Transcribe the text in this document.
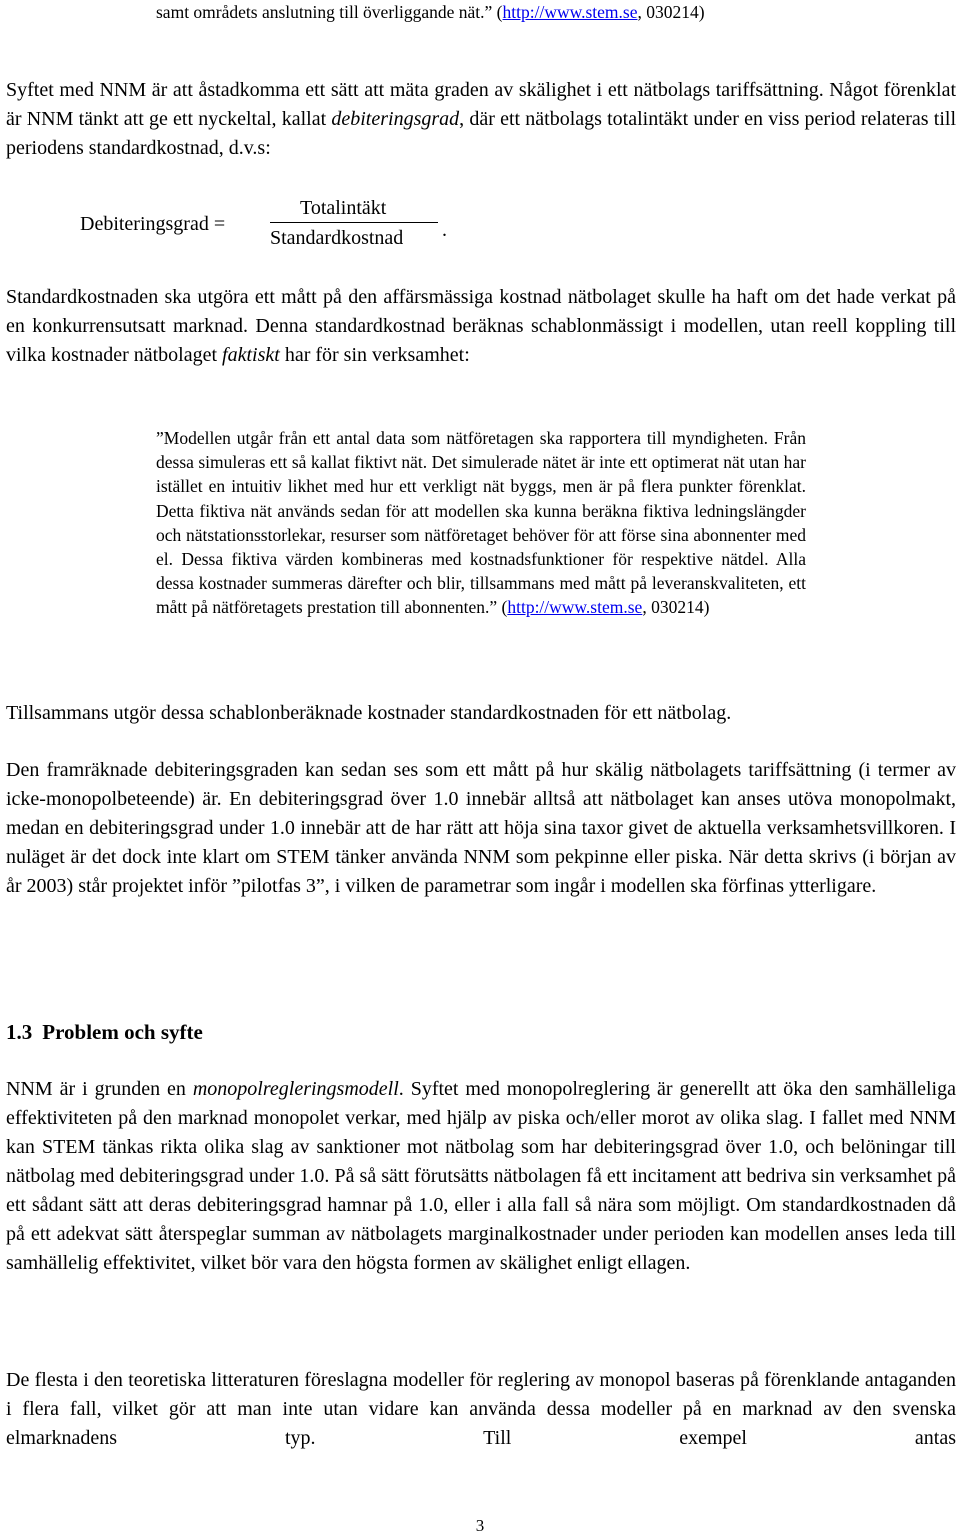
samt områdets anslutning till överliggande nät.” (http://www.stem.se, 030214)

Syftet med NNM är att åstadkomma ett sätt att mäta graden av skälighet i ett nätbolags tariffsättning. Något förenklat är NNM tänkt att ge ett nyckeltal, kallat debiteringsgrad, där ett nätbolags totalintäkt under en viss period relateras till periodens standardkostnad, d.v.s:

Debiteringsgrad =
Totalintäkt
Standardkostnad .

Standardkostnaden ska utgöra ett mått på den affärsmässiga kostnad nätbolaget skulle ha haft om det hade verkat på en konkurrensutsatt marknad. Denna standardkostnad beräknas schablonmässigt i modellen, utan reell koppling till vilka kostnader nätbolaget faktiskt har för sin verksamhet:

”Modellen utgår från ett antal data som nätföretagen ska rapportera till myndigheten. Från dessa simuleras ett så kallat fiktivt nät. Det simulerade nätet är inte ett optimerat nät utan har istället en intuitiv likhet med hur ett verkligt nät byggs, men är på flera punkter förenklat. Detta fiktiva nät används sedan för att modellen ska kunna beräkna fiktiva ledningslängder och nätstationsstorlekar, resurser som nätföretaget behöver för att förse sina abonnenter med el. Dessa fiktiva värden kombineras med kostnadsfunktioner för respektive nätdel. Alla dessa kostnader summeras därefter och blir, tillsammans med mått på leveranskvaliteten, ett mått på nätföretagets prestation till abonnenten.” (http://www.stem.se, 030214)

Tillsammans utgör dessa schablonberäknade kostnader standardkostnaden för ett nätbolag.

Den framräknade debiteringsgraden kan sedan ses som ett mått på hur skälig nätbolagets tariffsättning (i termer av icke-monopolbeteende) är. En debiteringsgrad över 1.0 innebär alltså att nätbolaget kan anses utöva monopolmakt, medan en debiteringsgrad under 1.0 innebär att de har rätt att höja sina taxor givet de aktuella verksamhetsvillkoren. I nuläget är det dock inte klart om STEM tänker använda NNM som pekpinne eller piska. När detta skrivs (i början av år 2003) står projektet inför ”pilotfas 3”, i vilken de parametrar som ingår i modellen ska förfinas ytterligare.

1.3 Problem och syfte

NNM är i grunden en monopolregleringsmodell. Syftet med monopolreglering är generellt att öka den samhälleliga effektiviteten på den marknad monopolet verkar, med hjälp av piska och/eller morot av olika slag. I fallet med NNM kan STEM tänkas rikta olika slag av sanktioner mot nätbolag som har debiteringsgrad över 1.0, och belöningar till nätbolag med debiteringsgrad under 1.0. På så sätt förutsätts nätbolagen få ett incitament att bedriva sin verksamhet på ett sådant sätt att deras debiteringsgrad hamnar på 1.0, eller i alla fall så nära som möjligt. Om standardkostnaden då på ett adekvat sätt återspeglar summan av nätbolagets marginalkostnader under perioden kan modellen anses leda till samhällelig effektivitet, vilket bör vara den högsta formen av skälighet enligt ellagen.

De flesta i den teoretiska litteraturen föreslagna modeller för reglering av monopol baseras på förenklande antaganden i flera fall, vilket gör att man inte utan vidare kan använda dessa modeller på en marknad av den svenska elmarknadens typ. Till exempel antas

3
